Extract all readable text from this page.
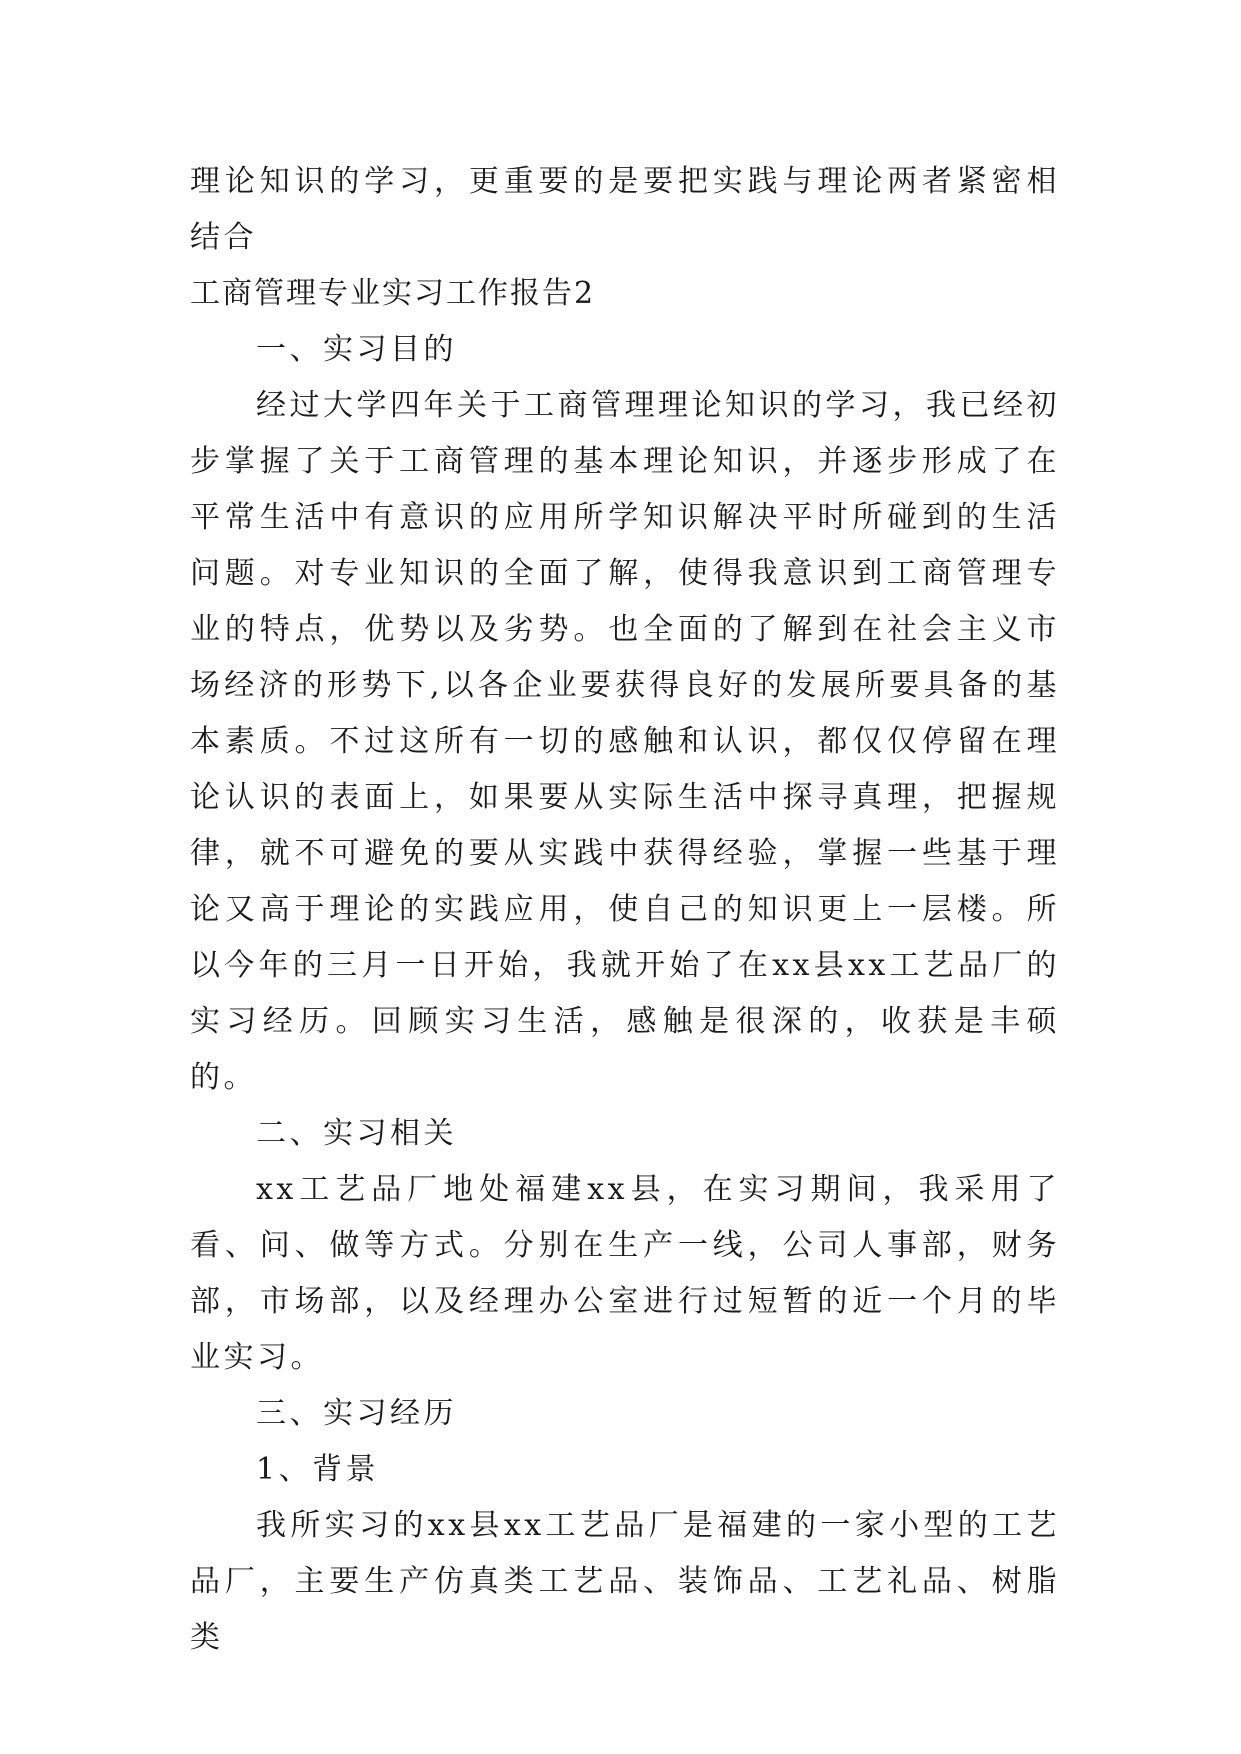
理论知识的学习，更重要的是要把实践与理论两者紧密相结合

工商管理专业实习工作报告2

一、实习目的

经过大学四年关于工商管理理论知识的学习，我已经初步掌握了关于工商管理的基本理论知识，并逐步形成了在平常生活中有意识的应用所学知识解决平时所碰到的生活问题。对专业知识的全面了解，使得我意识到工商管理专业的特点，优势以及劣势。也全面的了解到在社会主义市场经济的形势下,以各企业要获得良好的发展所要具备的基本素质。不过这所有一切的感触和认识，都仅仅停留在理论认识的表面上，如果要从实际生活中探寻真理，把握规律，就不可避免的要从实践中获得经验，掌握一些基于理论又高于理论的实践应用，使自己的知识更上一层楼。所以今年的三月一日开始，我就开始了在xx县xx工艺品厂的实习经历。回顾实习生活，感触是很深的，收获是丰硕的。

二、实习相关

xx工艺品厂地处福建xx县，在实习期间，我采用了看、问、做等方式。分别在生产一线，公司人事部，财务部，市场部，以及经理办公室进行过短暂的近一个月的毕业实习。

三、实习经历

1、背景

我所实习的xx县xx工艺品厂是福建的一家小型的工艺品厂，主要生产仿真类工艺品、装饰品、工艺礼品、树脂类
